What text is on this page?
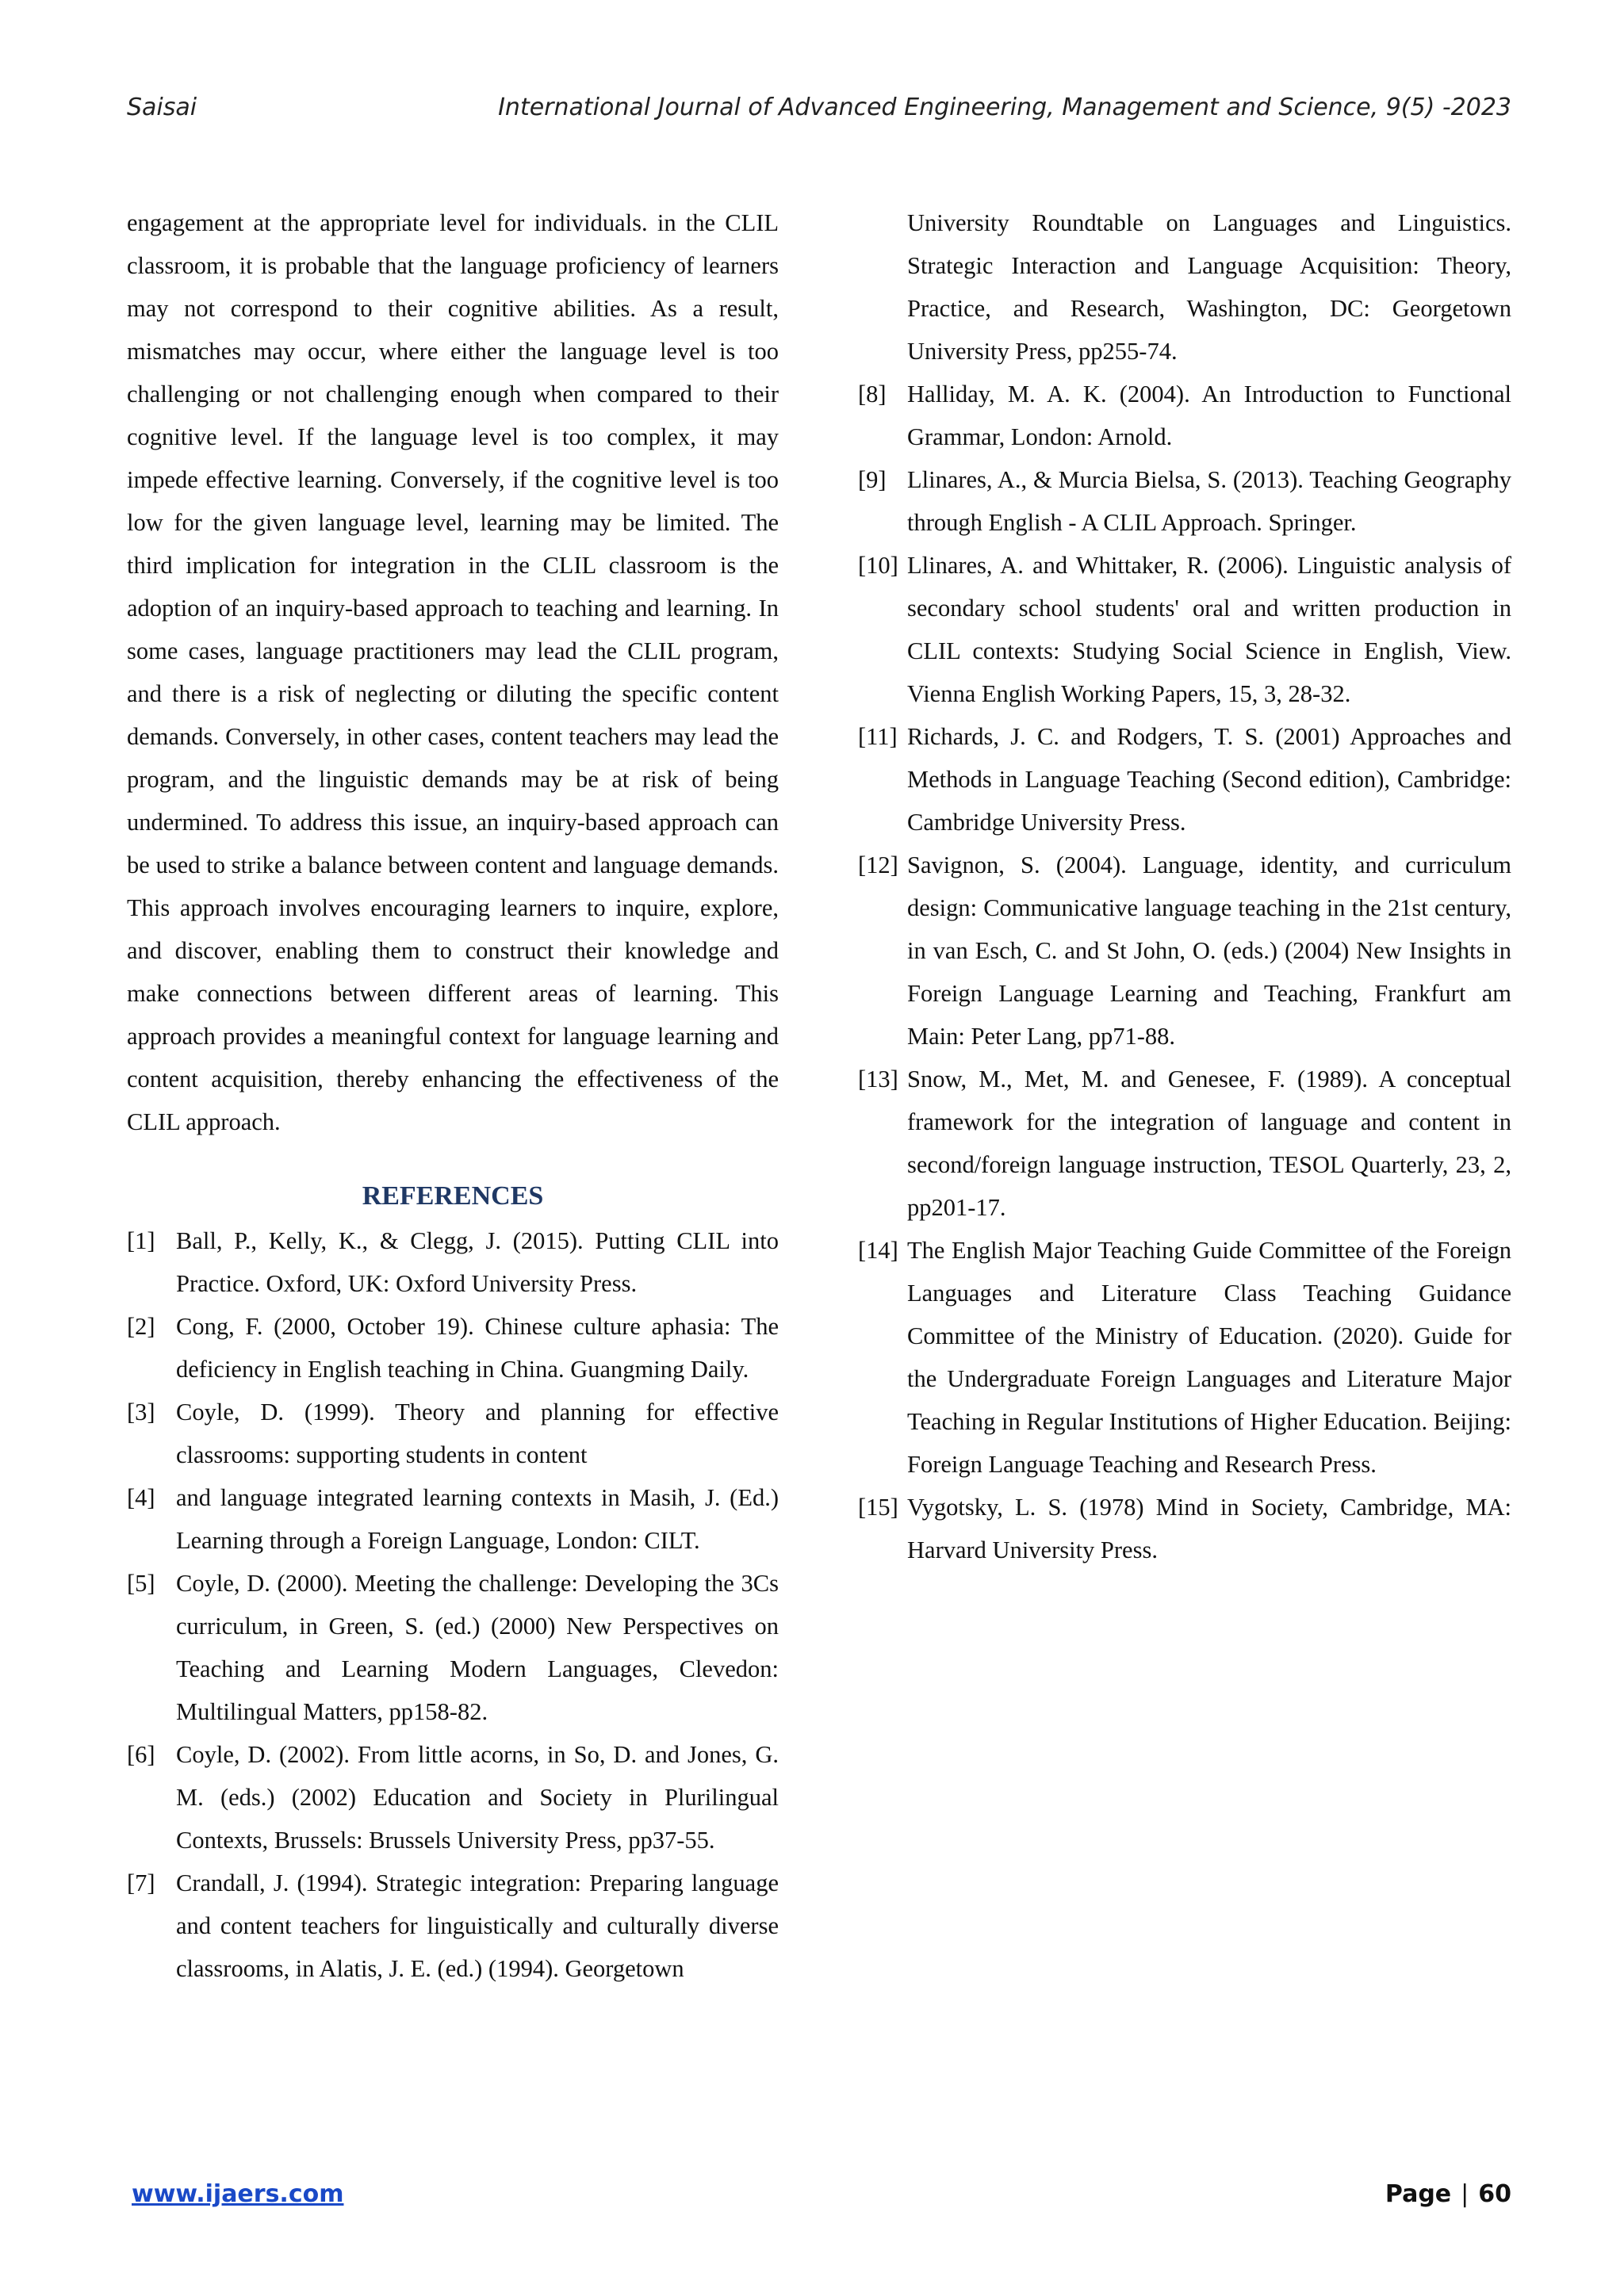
Saisai	International Journal of Advanced Engineering, Management and Science, 9(5) -2023

engagement at the appropriate level for individuals. in the CLIL classroom, it is probable that the language proficiency of learners may not correspond to their cognitive abilities. As a result, mismatches may occur, where either the language level is too challenging or not challenging enough when compared to their cognitive level. If the language level is too complex, it may impede effective learning. Conversely, if the cognitive level is too low for the given language level, learning may be limited. The third implication for integration in the CLIL classroom is the adoption of an inquiry-based approach to teaching and learning. In some cases, language practitioners may lead the CLIL program, and there is a risk of neglecting or diluting the specific content demands. Conversely, in other cases, content teachers may lead the program, and the linguistic demands may be at risk of being undermined. To address this issue, an inquiry-based approach can be used to strike a balance between content and language demands. This approach involves encouraging learners to inquire, explore, and discover, enabling them to construct their knowledge and make connections between different areas of learning. This approach provides a meaningful context for language learning and content acquisition, thereby enhancing the effectiveness of the CLIL approach.

REFERENCES
[1] Ball, P., Kelly, K., & Clegg, J. (2015). Putting CLIL into Practice. Oxford, UK: Oxford University Press.
[2] Cong, F. (2000, October 19). Chinese culture aphasia: The deficiency in English teaching in China. Guangming Daily.
[3] Coyle, D. (1999). Theory and planning for effective classrooms: supporting students in content
[4] and language integrated learning contexts in Masih, J. (Ed.) Learning through a Foreign Language, London: CILT.
[5] Coyle, D. (2000). Meeting the challenge: Developing the 3Cs curriculum, in Green, S. (ed.) (2000) New Perspectives on Teaching and Learning Modern Languages, Clevedon: Multilingual Matters, pp158-82.
[6] Coyle, D. (2002). From little acorns, in So, D. and Jones, G. M. (eds.) (2002) Education and Society in Plurilingual Contexts, Brussels: Brussels University Press, pp37-55.
[7] Crandall, J. (1994). Strategic integration: Preparing language and content teachers for linguistically and culturally diverse classrooms, in Alatis, J. E. (ed.) (1994). Georgetown
University Roundtable on Languages and Linguistics. Strategic Interaction and Language Acquisition: Theory, Practice, and Research, Washington, DC: Georgetown University Press, pp255-74.
[8] Halliday, M. A. K. (2004). An Introduction to Functional Grammar, London: Arnold.
[9] Llinares, A., & Murcia Bielsa, S. (2013). Teaching Geography through English - A CLIL Approach. Springer.
[10] Llinares, A. and Whittaker, R. (2006). Linguistic analysis of secondary school students' oral and written production in CLIL contexts: Studying Social Science in English, View. Vienna English Working Papers, 15, 3, 28-32.
[11] Richards, J. C. and Rodgers, T. S. (2001) Approaches and Methods in Language Teaching (Second edition), Cambridge: Cambridge University Press.
[12] Savignon, S. (2004). Language, identity, and curriculum design: Communicative language teaching in the 21st century, in van Esch, C. and St John, O. (eds.) (2004) New Insights in Foreign Language Learning and Teaching, Frankfurt am Main: Peter Lang, pp71-88.
[13] Snow, M., Met, M. and Genesee, F. (1989). A conceptual framework for the integration of language and content in second/foreign language instruction, TESOL Quarterly, 23, 2, pp201-17.
[14] The English Major Teaching Guide Committee of the Foreign Languages and Literature Class Teaching Guidance Committee of the Ministry of Education. (2020). Guide for the Undergraduate Foreign Languages and Literature Major Teaching in Regular Institutions of Higher Education. Beijing: Foreign Language Teaching and Research Press.
[15] Vygotsky, L. S. (1978) Mind in Society, Cambridge, MA: Harvard University Press.
www.ijaers.com	Page | 60
